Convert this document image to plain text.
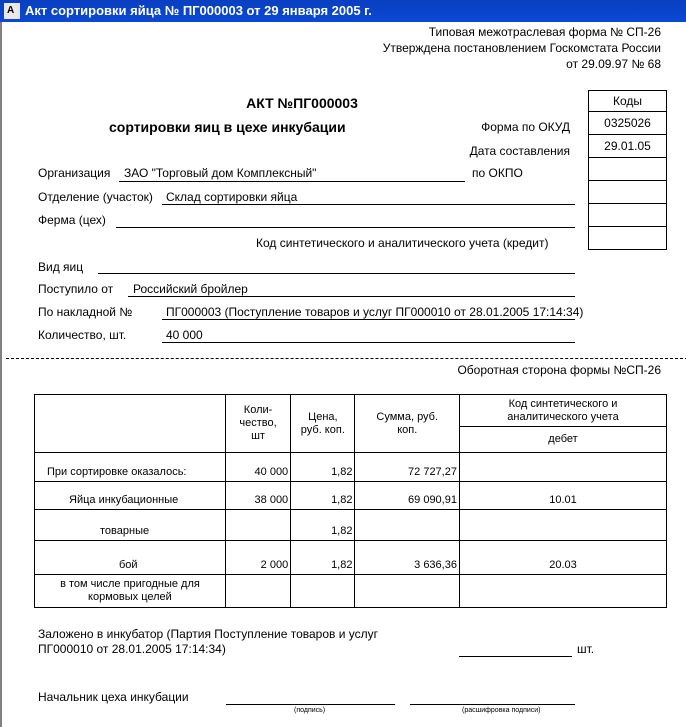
A Акт сортировки яйца № ПГ000003 от 29 января 2005 г.
Типовая межотраслевая форма № СП-26
Утверждена постановлением Госкомстата России
от 29.09.97 № 68
АКТ №ПГ000003
сортировки яиц в цехе инкубации
Коды
0325026
29.01.05

Форма по ОКУД
Дата составления
Организация ЗАО "Торговый дом Комплексный"	по ОКПО
Отделение (участок) Склад сортировки яйца
Ферма (цех)
Код синтетического и аналитического учета (кредит)
Вид яиц
Поступило от Российский бройлер
По накладной №	ПГ000003 (Поступление товаров и услуг ПГ000010 от 28.01.2005 17:14:34)
Количество, шт.	40 000
Оборотная сторона формы №СП-26
	Коли-
чество,
шт	Цена,
руб. коп.	Сумма, руб.
коп.	Код синтетического и
аналитического учета
				дебет
При сортировке оказалось:	40 000	1,82	72 727,27	
Яйца инкубационные	38 000	1,82	69 090,91	10.01
товарные		1,82		
бой	2 000	1,82	3 636,36	20.03
в том числе пригодные для
кормовых целей				
Заложено в инкубатор (Партия Поступление товаров и услуг
ПГ000010 от 28.01.2005 17:14:34)	шт.
Начальник цеха инкубации
(подпись)	(расшифровка подписи)
